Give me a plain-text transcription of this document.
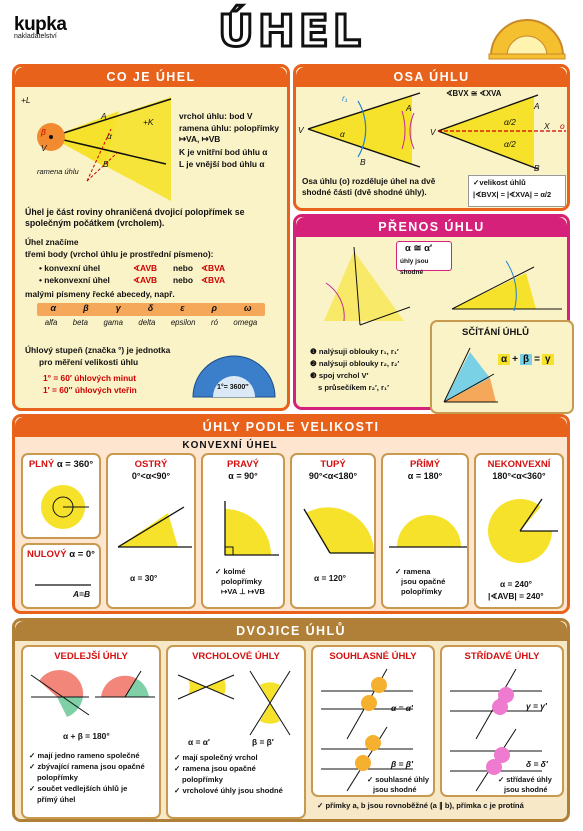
kupka
nakladatelství	ÚHEL
CO JE ÚHEL
+L
A
+K
β	α
V
B
ramena úhlu
vrchol úhlu: bod V
ramena úhlu: polopřímky ↦VA, ↦VB
K je vnitřní bod úhlu α
L je vnější bod úhlu α
Úhel je část roviny ohraničená dvojicí polopřímek se společným počátkem (vrcholem).
Úhel značíme
třemi body (vrchol úhlu je prostřední písmeno):
• konvexní úhel	∢AVB nebo ∢BVA
• nekonvexní úhel	∢AVB nebo ∢BVA
malými písmeny řecké abecedy, např.
α	β	γ	δ	ε	ρ	ω
alfa beta gama delta epsilon ró omega
Úhlový stupeň (značka °) je jednotka
pro měření velikosti úhlu
1° = 60′ úhlových minut
1′ = 60″ úhlových vteřin	1°= 3600″
OSA ÚHLU
∢BVX ≅ ∢XVA
V
A
B
α
r₁
V
A
B
X o
α/2
α/2
Osa úhlu (o) rozděluje úhel na dvě shodné části (dvě shodné úhly).
✓velikost úhlů
|∢BVX| = |∢XVA| = α/2
PŘENOS ÚHLU
α ≅ α′
úhly jsou shodné
❶ nalýsuji oblouky r₁, r₁′
❷ nalýsuji oblouky r₂, r₂′
❸ spoj vrchol V′
s průsečíkem r₂′, r₁′
SČÍTÁNÍ ÚHLŮ
α + β = γ
ÚHLY PODLE VELIKOSTI
KONVEXNÍ ÚHEL
PLNÝ α = 360°
NULOVÝ α = 0°
A=B
OSTRÝ
0°<α<90°
α = 30°
PRAVÝ
α = 90°
✓ kolmé
polopřímky
↦VA ⊥ ↦VB
TUPÝ
90°<α<180°
α = 120°
PŘÍMÝ
α = 180°
✓ ramena
jsou opačné
polopřímky
NEKONVEXNÍ
180°<α<360°
α = 240°
|∢AVB| = 240°
DVOJICE ÚHLŮ
VEDLEJŠÍ ÚHLY
α + β = 180°
✓ mají jedno rameno společné
✓ zbývající ramena jsou opačné
polopřímky
✓ součet vedlejších úhlů je
přímý úhel
VRCHOLOVÉ ÚHLY
α = α′	β = β′
✓ mají společný vrchol
✓ ramena jsou opačné
polopřímky
✓ vrcholové úhly jsou shodné
SOUHLASNÉ ÚHLY
α = α′
β = β′
✓ souhlasné úhly
jsou shodné
STŘÍDAVÉ ÚHLY
γ = γ′
δ = δ′
✓ střídavé úhly
jsou shodné
✓ přímky a, b jsou rovnoběžné (a ∥ b), přímka c je protíná
